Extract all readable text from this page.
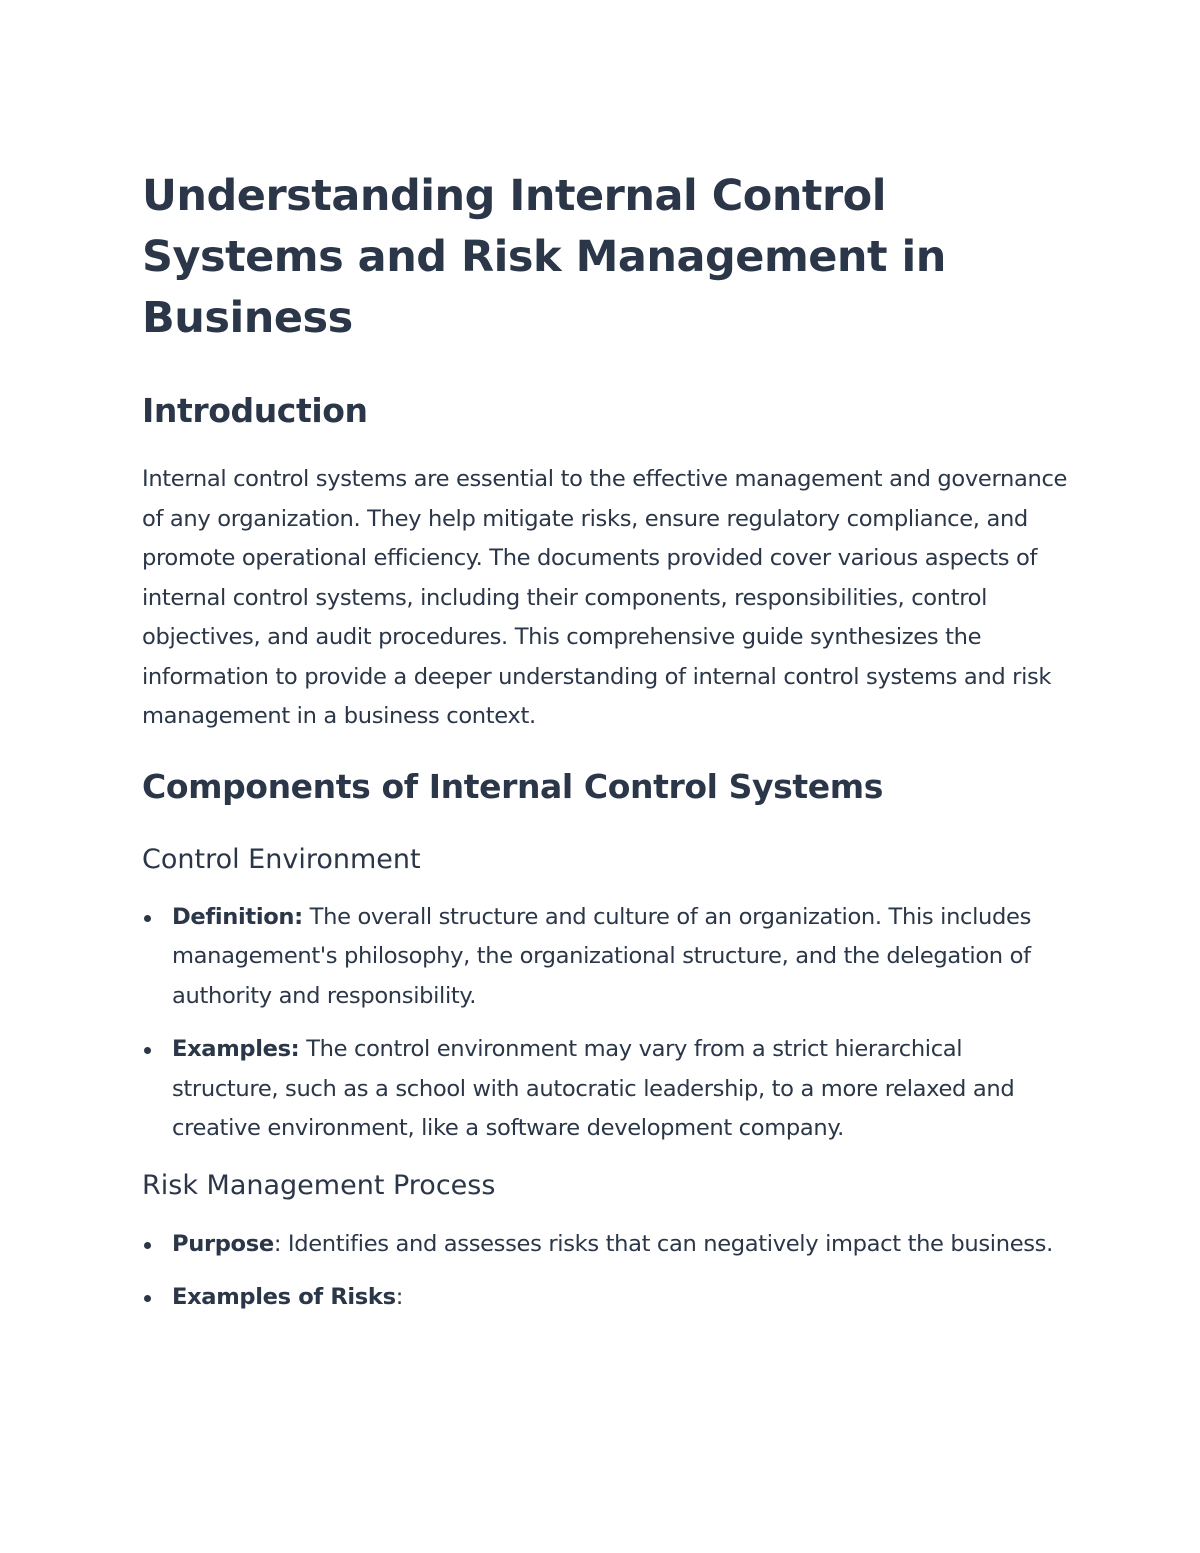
Understanding Internal Control Systems and Risk Management in Business
Introduction

Internal control systems are essential to the effective management and governance of any organization. They help mitigate risks, ensure regulatory compliance, and promote operational efficiency. The documents provided cover various aspects of internal control systems, including their components, responsibilities, control objectives, and audit procedures. This comprehensive guide synthesizes the information to provide a deeper understanding of internal control systems and risk management in a business context.

Components of Internal Control Systems
Control Environment
Definition: The overall structure and culture of an organization. This includes management's philosophy, the organizational structure, and the delegation of authority and responsibility.
Examples: The control environment may vary from a strict hierarchical structure, such as a school with autocratic leadership, to a more relaxed and creative environment, like a software development company.
Risk Management Process
Purpose: Identifies and assesses risks that can negatively impact the business.
Examples of Risks:
